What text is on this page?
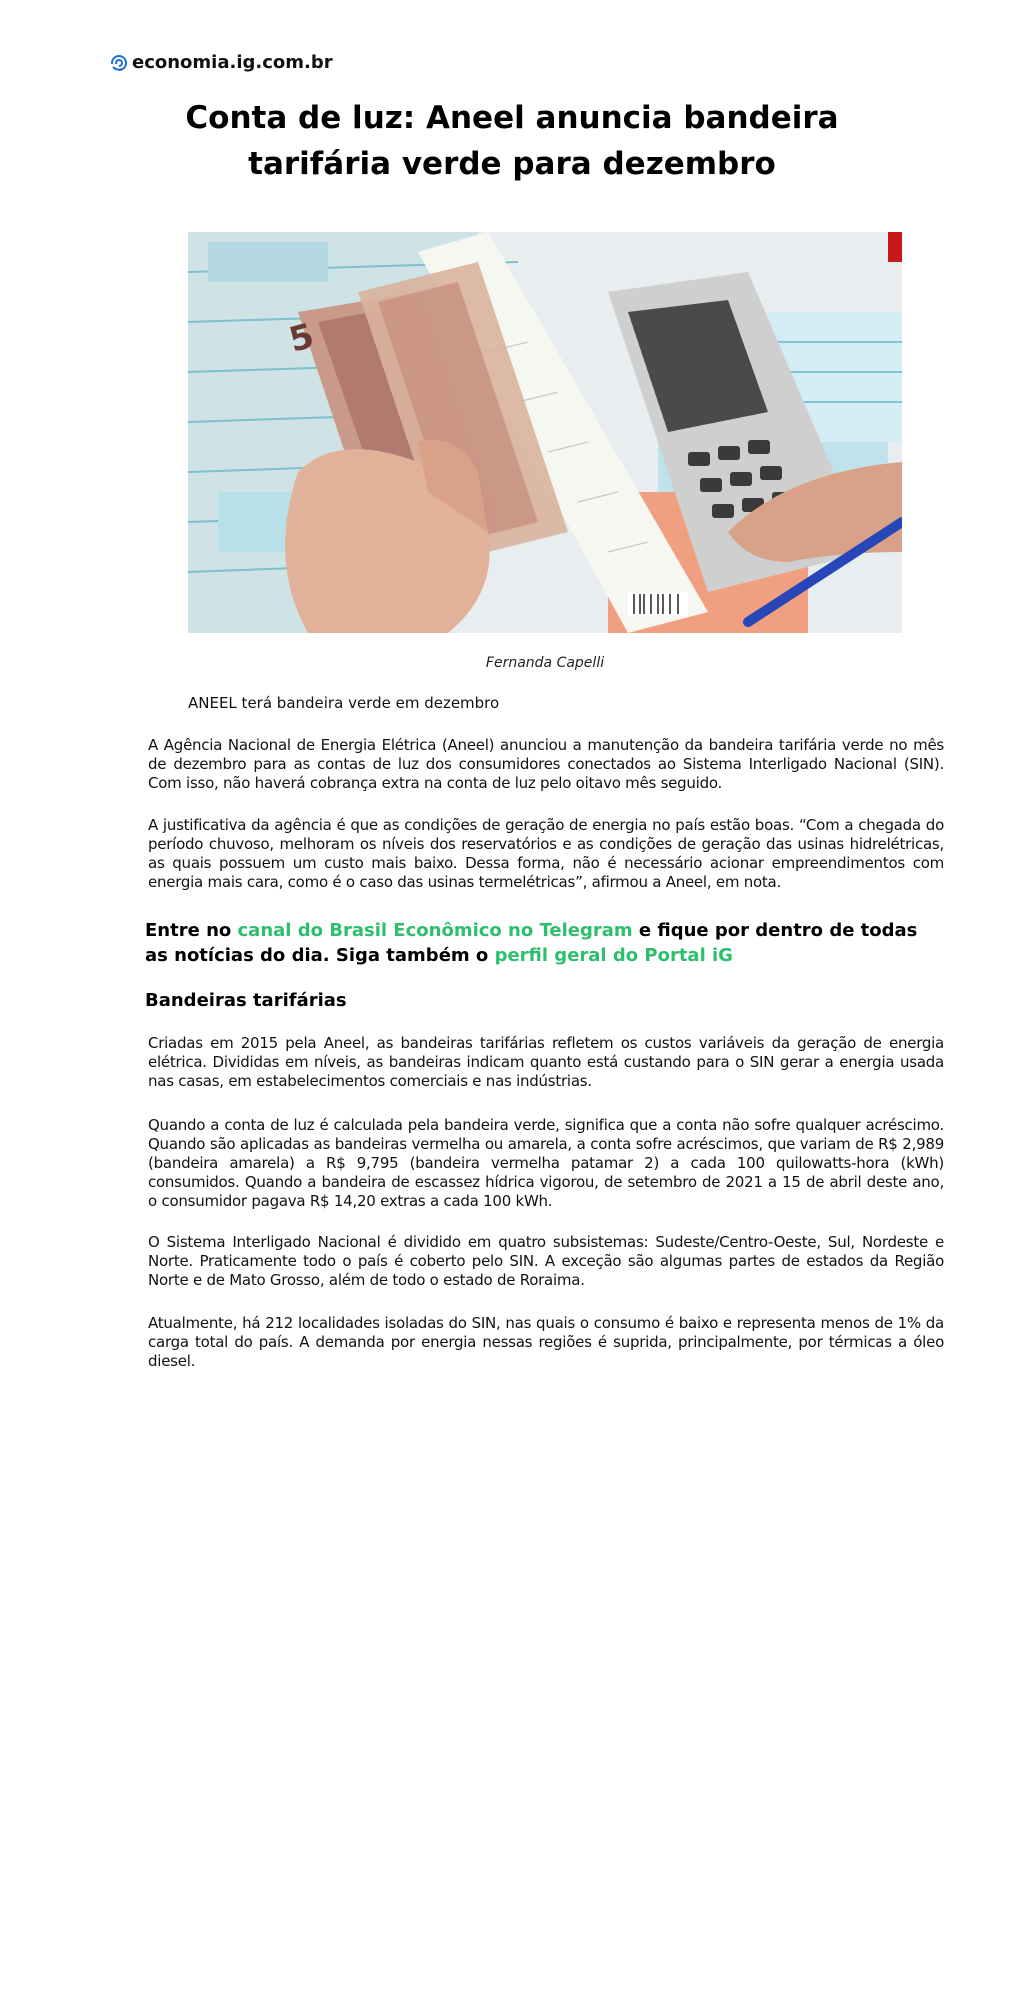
economia.ig.com.br
Conta de luz: Aneel anuncia bandeira tarifária verde para dezembro
5
Fernanda Capelli
ANEEL terá bandeira verde em dezembro

A Agência Nacional de Energia Elétrica (Aneel) anunciou a manutenção da bandeira tarifária verde no mês de dezembro para as contas de luz dos consumidores conectados ao Sistema Interligado Nacional (SIN). Com isso, não haverá cobrança extra na conta de luz pelo oitavo mês seguido.

A justificativa da agência é que as condições de geração de energia no país estão boas. “Com a chegada do período chuvoso, melhoram os níveis dos reservatórios e as condições de geração das usinas hidrelétricas, as quais possuem um custo mais baixo. Dessa forma, não é necessário acionar empreendimentos com energia mais cara, como é o caso das usinas termelétricas”, afirmou a Aneel, em nota.

Entre no canal do Brasil Econômico no Telegram e fique por dentro de todas as notícias do dia. Siga também o perfil geral do Portal iG
Bandeiras tarifárias

Criadas em 2015 pela Aneel, as bandeiras tarifárias refletem os custos variáveis da geração de energia elétrica. Divididas em níveis, as bandeiras indicam quanto está custando para o SIN gerar a energia usada nas casas, em estabelecimentos comerciais e nas indústrias.

Quando a conta de luz é calculada pela bandeira verde, significa que a conta não sofre qualquer acréscimo. Quando são aplicadas as bandeiras vermelha ou amarela, a conta sofre acréscimos, que variam de R$ 2,989 (bandeira amarela) a R$ 9,795 (bandeira vermelha patamar 2) a cada 100 quilowatts-hora (kWh) consumidos. Quando a bandeira de escassez hídrica vigorou, de setembro de 2021 a 15 de abril deste ano, o consumidor pagava R$ 14,20 extras a cada 100 kWh.

O Sistema Interligado Nacional é dividido em quatro subsistemas: Sudeste/Centro-Oeste, Sul, Nordeste e Norte. Praticamente todo o país é coberto pelo SIN. A exceção são algumas partes de estados da Região Norte e de Mato Grosso, além de todo o estado de Roraima.

Atualmente, há 212 localidades isoladas do SIN, nas quais o consumo é baixo e representa menos de 1% da carga total do país. A demanda por energia nessas regiões é suprida, principalmente, por térmicas a óleo diesel.
